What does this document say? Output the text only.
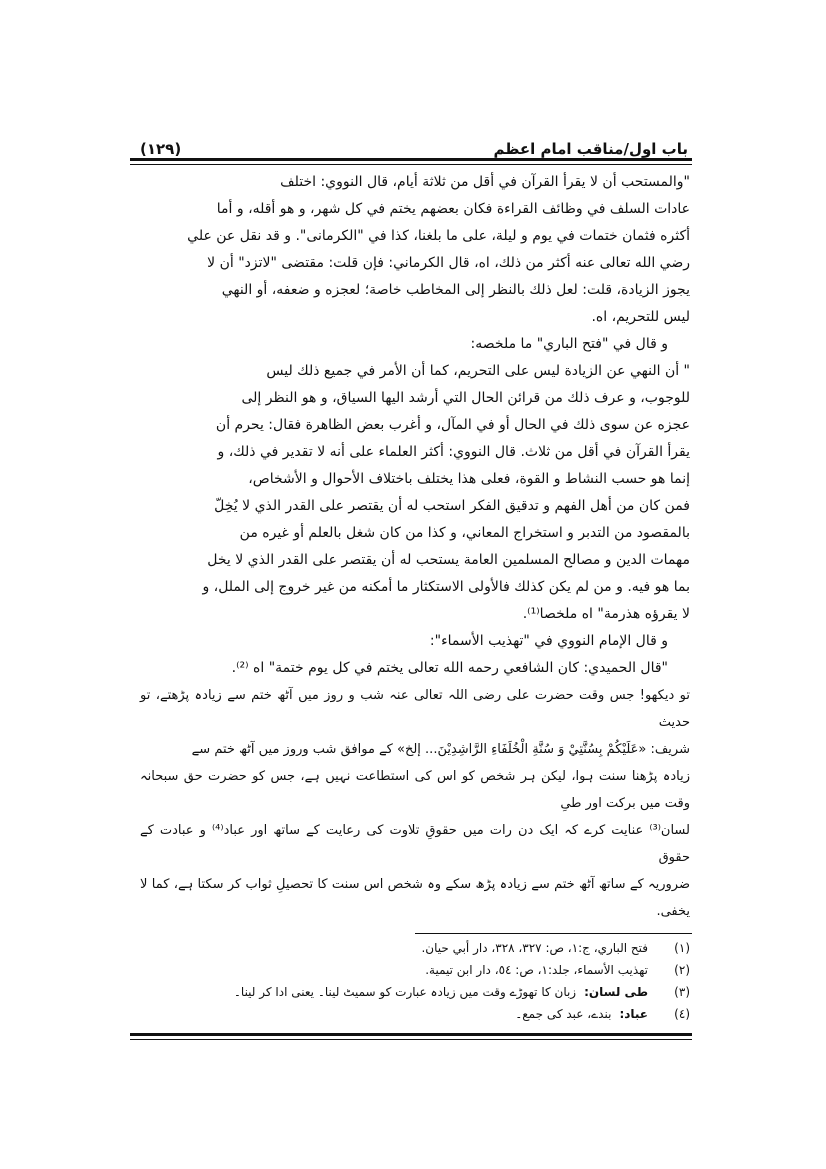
(١٢٩)	باب اول/مناقب امام اعظم
"والمستحب أن لا يقرأ القرآن في أقل من ثلاثة أيام، قال النووي: اختلف
عادات السلف في وظائف القراءة فكان بعضهم يختم في كل شهر، و هو أقله، و أما
أكثره فثمان ختمات في يوم و ليلة، على ما بلغنا، كذا في "الكرمانى". و قد نقل عن علي
رضي الله تعالى عنه أكثر من ذلك، اه، قال الكرماني: فإن قلت: مقتضى "لاتزد" أن لا
يجوز الزيادة، قلت: لعل ذلك بالنظر إلى المخاطب خاصة؛ لعجزه و ضعفه، أو النهي
ليس للتحريم، اه.
و قال في "فتح الباري" ما ملخصه:
" أن النهي عن الزيادة ليس على التحريم، كما أن الأمر في جميع ذلك ليس
للوجوب، و عرف ذلك من قرائن الحال التي أرشد اليها السياق، و هو النظر إلى
عجزه عن سوى ذلك في الحال أو في المآل، و أغرب بعض الظاهرة فقال: يحرم أن
يقرأ القرآن في أقل من ثلاث. قال النووي: أكثر العلماء على أنه لا تقدير في ذلك، و
إنما هو حسب النشاط و القوة، فعلى هذا يختلف باختلاف الأحوال و الأشخاص،
فمن كان من أهل الفهم و تدقيق الفكر استحب له أن يقتصر على القدر الذي لا يُخِلّ
بالمقصود من التدبر و استخراج المعاني، و كذا من كان شغل بالعلم أو غيره من
مهمات الدين و مصالح المسلمين العامة يستحب له أن يقتصر على القدر الذي لا يخل
بما هو فيه. و من لم يكن كذلك فالأولى الاستكثار ما أمكنه من غير خروج إلى الملل، و
لا يقرؤه هذرمة" اه ملخصا⁽¹⁾.
و قال الإمام النووي في "تهذيب الأسماء":
"قال الحميدي: كان الشافعي رحمه الله تعالى يختم في كل يوم ختمة" اه ⁽²⁾.
تو دیکھو! جس وقت حضرت علی رضی اللہ تعالی عنہ شب و روز میں آٹھ ختم سے زیادہ پڑھتے، تو حدیث
شریف: «عَلَيْكُمْ بِسُنَّتِيْ وَ سُنَّةِ الْخُلَفَاءِ الرَّاشِدِيْنَ... إلخ» کے موافق شب وروز میں آٹھ ختم سے
زیادہ پڑھنا سنت ہوا، لیکن ہر شخص کو اس کی استطاعت نہیں ہے، جس کو حضرت حق سبحانہ وقت میں برکت اور طیِ
لسان⁽³⁾ عنایت کرے کہ ایک دن رات میں حقوقِ تلاوت کی رعایت کے ساتھ اور عباد⁽⁴⁾ و عبادت کے حقوق
ضروریہ کے ساتھ آٹھ ختم سے زیادہ پڑھ سکے وہ شخص اس سنت کا تحصیلِ ثواب کر سکتا ہے، کما لا یخفی.
(١)فتح الباري، ج:١، ص: ٣٢٧، ٣٢٨، دار أبي حيان.
(٢)تهذيب الأسماء، جلد:١، ص: ٥٤، دار ابن تيمية.
(٣)طی لسان:زبان کا تھوڑے وقت میں زیادہ عبارت کو سمیٹ لینا۔ یعنی ادا کر لینا۔
(٤)عباد:بندے، عبد کی جمع۔
